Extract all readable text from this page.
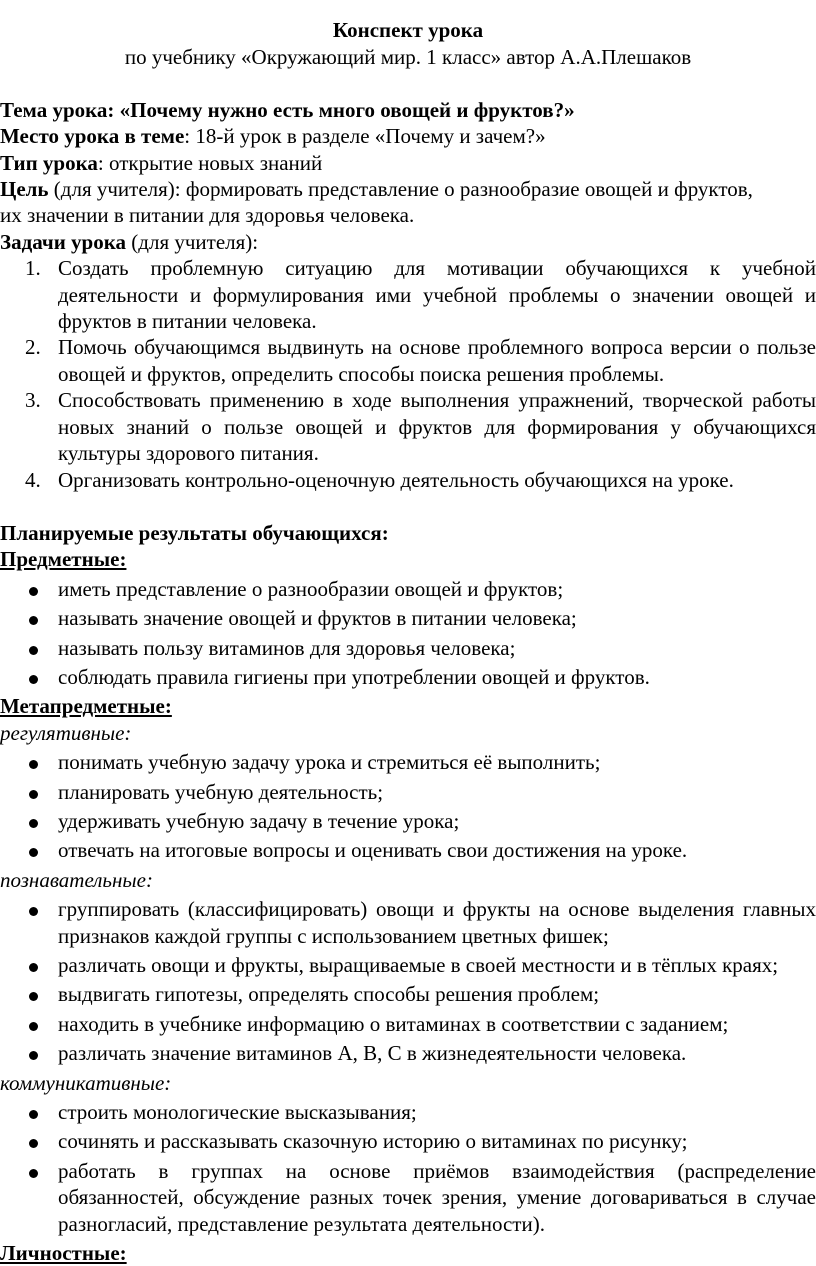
Конспект урока
по учебнику «Окружающий мир. 1 класс» автор А.А.Плешаков
Тема урока: «Почему нужно есть много овощей и фруктов?»
Место урока в теме: 18-й урок в разделе «Почему и зачем?»
Тип урока: открытие новых знаний
Цель (для учителя): формировать представление о разнообразие овощей и фруктов,
их значении в питании для здоровья человека.
Задачи урока (для учителя):
1. Создать проблемную ситуацию для мотивации обучающихся к учебной деятельности и формулирования ими учебной проблемы о значении овощей и фруктов в питании человека.
2. Помочь обучающимся выдвинуть на основе проблемного вопроса версии о пользе овощей и фруктов, определить способы поиска решения проблемы.
3. Способствовать применению в ходе выполнения упражнений, творческой работы новых знаний о пользе овощей и фруктов для формирования у обучающихся культуры здорового питания.
4. Организовать контрольно-оценочную деятельность обучающихся на уроке.
Планируемые результаты обучающихся:
Предметные:
иметь представление о разнообразии овощей и фруктов;
называть значение овощей и фруктов в питании человека;
называть пользу витаминов для здоровья человека;
соблюдать правила гигиены при употреблении овощей и фруктов.
Метапредметные:
регулятивные:
понимать учебную задачу урока и стремиться её выполнить;
планировать учебную деятельность;
удерживать учебную задачу в течение урока;
отвечать на итоговые вопросы и оценивать свои достижения на уроке.
познавательные:
группировать (классифицировать) овощи и фрукты на основе выделения главных признаков каждой группы с использованием цветных фишек;
различать овощи и фрукты, выращиваемые в своей местности и в тёплых краях;
выдвигать гипотезы, определять способы решения проблем;
находить в учебнике информацию о витаминах в соответствии с заданием;
различать значение витаминов А, В, С в жизнедеятельности человека.
коммуникативные:
строить монологические высказывания;
сочинять и рассказывать сказочную историю о витаминах по рисунку;
работать в группах на основе приёмов взаимодействия (распределение обязанностей, обсуждение разных точек зрения, умение договариваться в случае разногласий, представление результата деятельности).
Личностные:
